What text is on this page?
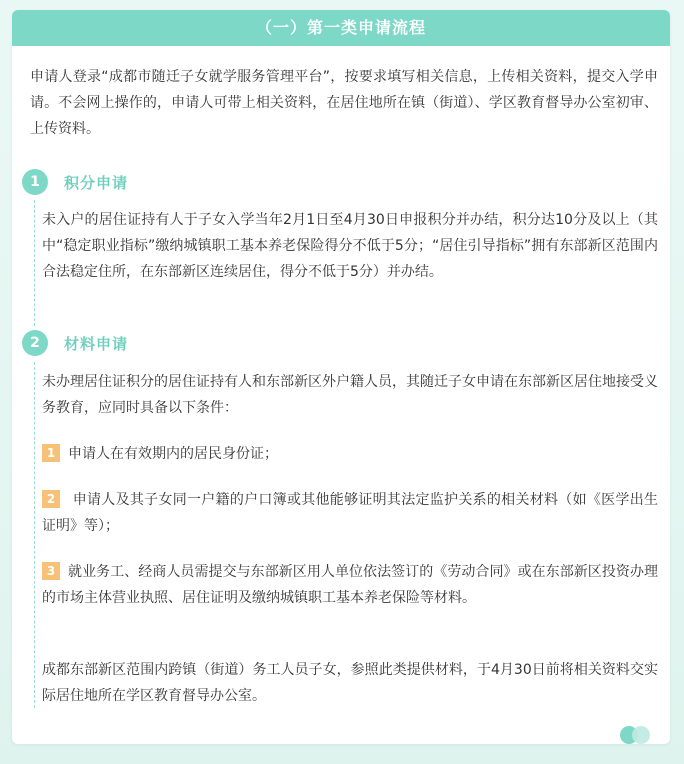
（一）第一类申请流程
申请人登录“成都市随迁子女就学服务管理平台”，按要求填写相关信息，上传相关资料，提交入学申请。不会网上操作的，申请人可带上相关资料，在居住地所在镇（街道）、学区教育督导办公室初审、上传资料。
1	积分申请
未入户的居住证持有人于子女入学当年2月1日至4月30日申报积分并办结，积分达10分及以上（其中“稳定职业指标”缴纳城镇职工基本养老保险得分不低于5分；“居住引导指标”拥有东部新区范围内合法稳定住所，在东部新区连续居住，得分不低于5分）并办结。
2	材料申请
未办理居住证积分的居住证持有人和东部新区外户籍人员，其随迁子女申请在东部新区居住地接受义务教育，应同时具备以下条件：
1 申请人在有效期内的居民身份证；
2 申请人及其子女同一户籍的户口簿或其他能够证明其法定监护关系的相关材料（如《医学出生证明》等）；
3 就业务工、经商人员需提交与东部新区用人单位依法签订的《劳动合同》或在东部新区投资办理的市场主体营业执照、居住证明及缴纳城镇职工基本养老保险等材料。
成都东部新区范围内跨镇（街道）务工人员子女，参照此类提供材料，于4月30日前将相关资料交实际居住地所在学区教育督导办公室。
